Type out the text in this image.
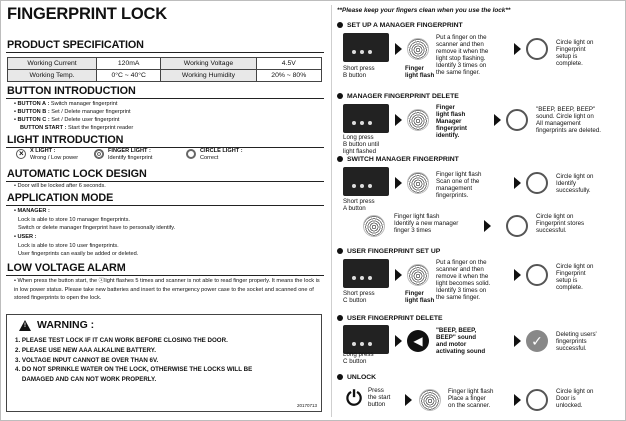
FINGERPRINT LOCK
PRODUCT SPECIFICATION
Working Current	120mA	Working Voltage	4.5V
Working Temp.	0°C ~ 40°C	Working Humidity	20% ~ 80%
BUTTON INTRODUCTION
• BUTTON A : Switch manager fingerprint
• BUTTON B : Set / Delete manager fingerprint
• BUTTON C : Set / Delete user fingerprint
BUTTON START : Start the fingerprint reader
LIGHT INTRODUCTION
× X LIGHT :
Wrong / Low power
FINGER LIGHT :
Identify fingerprint
CIRCLE LIGHT :
Correct
AUTOMATIC LOCK DESIGN
• Door will be locked after 6 seconds.
APPLICATION MODE
• MANAGER :
Lock is able to store 10 manager fingerprints.
Switch or delete manager fingerprint have to personally identify.
• USER :
Lock is able to store 10 user fingerprints.
User fingerprints can easily be added or deleted.
LOW VOLTAGE ALARM
• When press the button start, the ⓧlight flashes 5 times and scanner is not able to read finger properly. It means the lock is in low power status. Please take new batteries and insert to the emergency power case to the socket and scanned one of stored fingerprints to open the lock.
! WARNING :
1. PLEASE TEST LOCK IF IT CAN WORK BEFORE CLOSING THE DOOR.
2. PLEASE USE NEW AAA ALKALINE BATTERY.
3. VOLTAGE INPUT CANNOT BE OVER THAN 6V.
4. DO NOT SPRINKLE WATER ON THE LOCK, OTHERWISE THE LOCKS WILL BE
DAMAGED AND CAN NOT WORK PROPERLY.
20170713
**Please keep your fingers clean when you use the lock**
SET UP A MANAGER FINGERPRINT
Short press
B button
Finger
light flash
Put a finger on the
scanner and then
remove it when the
light stop flashing.
Identify 3 times on
the same finger.
Circle light on
Fingerprint
setup is
complete.
MANAGER FINGERPRINT DELETE
Long press
B button until
light flashed
Finger
light flash
Manager
fingerprint
identify.
"BEEP, BEEP, BEEP"
sound. Circle light on
All management
fingerprints are deleted.
SWITCH MANAGER FINGERPRINT
Short press
A button
Finger light flash
Scan one of the
management
fingerprints.
Circle light on
Identify
successfully.
Finger light flash
Identify a new manager
finger 3 times
Circle light on
Fingerprint stores
successful.
USER FINGERPRINT SET UP
Short press
C button
Finger
light flash
Put a finger on the
scanner and then
remove it when the
light becomes solid.
Identify 3 times on
the same finger.
Circle light on
Fingerprint
setup is
complete.
USER FINGERPRINT DELETE
Long press
C button
◀
"BEEP, BEEP,
BEEP" sound
and motor
activating sound
✓	Deleting users'
fingerprints
successful.
UNLOCK
⏻ Press
the start
button
Finger light flash
Place a finger
on the scanner.
Circle light on
Door is
unlocked.
